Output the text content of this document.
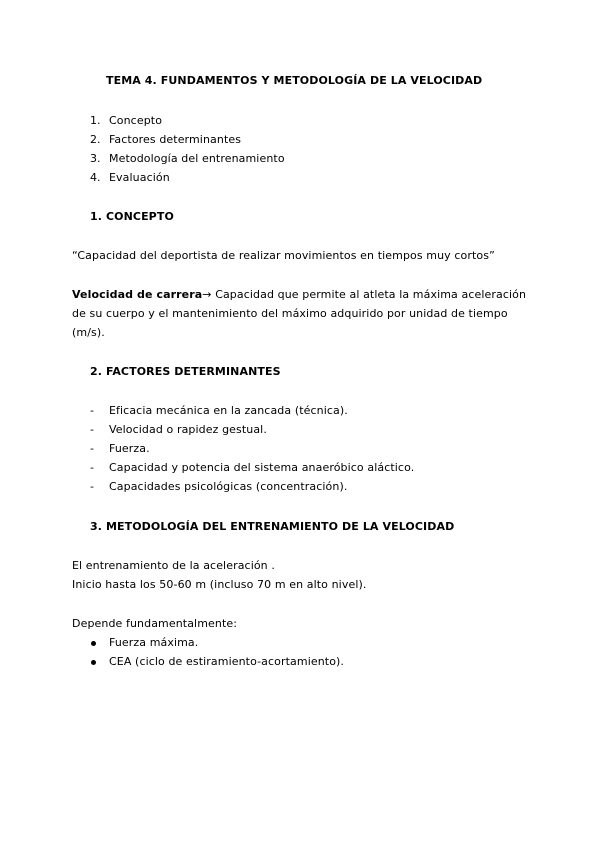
TEMA 4. FUNDAMENTOS Y METODOLOGÍA DE LA VELOCIDAD
1. Concepto
2. Factores determinantes
3. Metodología del entrenamiento
4. Evaluación
1. CONCEPTO
“Capacidad del deportista de realizar movimientos en tiempos muy cortos”
Velocidad de carrera→ Capacidad que permite al atleta la máxima aceleración
de su cuerpo y el mantenimiento del máximo adquirido por unidad de tiempo
(m/s).
2. FACTORES DETERMINANTES
- Eficacia mecánica en la zancada (técnica).
- Velocidad o rapidez gestual.
- Fuerza.
- Capacidad y potencia del sistema anaeróbico aláctico.
- Capacidades psicológicas (concentración).
3. METODOLOGÍA DEL ENTRENAMIENTO DE LA VELOCIDAD
El entrenamiento de la aceleración .
Inicio hasta los 50-60 m (incluso 70 m en alto nivel).
Depende fundamentalmente:
Fuerza máxima.
CEA (ciclo de estiramiento-acortamiento).
